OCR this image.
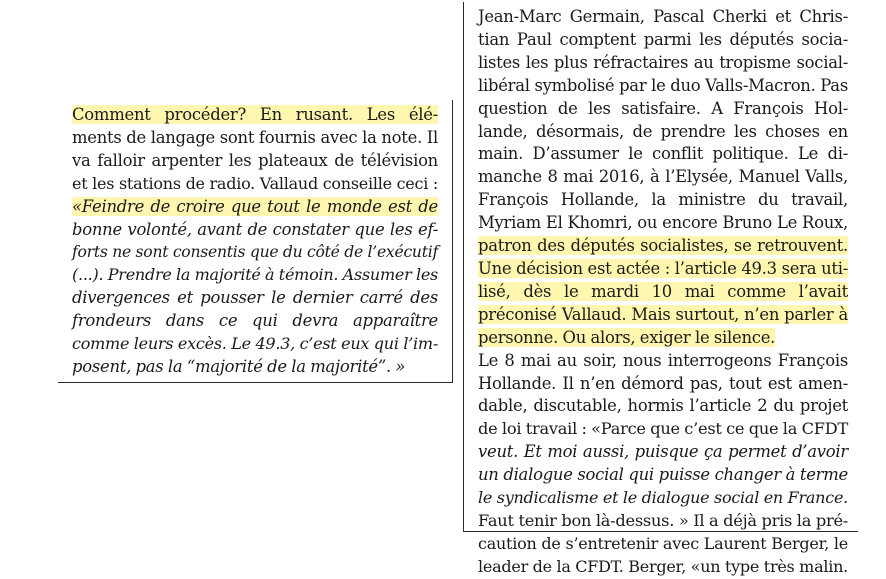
Comment procéder? En rusant. Les élé-
ments de langage sont fournis avec la note. Il
va falloir arpenter les plateaux de télévision
et les stations de radio. Vallaud conseille ceci :
«Feindre de croire que tout le monde est de
bonne volonté, avant de constater que les ef-
forts ne sont consentis que du côté de l’exécutif
(...). Prendre la majorité à témoin. Assumer les
divergences et pousser le dernier carré des
frondeurs dans ce qui devra apparaître
comme leurs excès. Le 49.3, c’est eux qui l’im-
posent, pas la “majorité de la majorité”. »
Jean-Marc Germain, Pascal Cherki et Chris-
tian Paul comptent parmi les députés socia-
listes les plus réfractaires au tropisme social-
libéral symbolisé par le duo Valls-Macron. Pas
question de les satisfaire. A François Hol-
lande, désormais, de prendre les choses en
main. D’assumer le conflit politique. Le di-
manche 8 mai 2016, à l’Elysée, Manuel Valls,
François Hollande, la ministre du travail,
Myriam El Khomri, ou encore Bruno Le Roux,
patron des députés socialistes, se retrouvent.
Une décision est actée : l’article 49.3 sera uti-
lisé, dès le mardi 10 mai comme l’avait
préconisé Vallaud. Mais surtout, n’en parler à
personne. Ou alors, exiger le silence.
Le 8 mai au soir, nous interrogeons François
Hollande. Il n’en démord pas, tout est amen-
dable, discutable, hormis l’article 2 du projet
de loi travail : «Parce que c’est ce que la CFDT
veut. Et moi aussi, puisque ça permet d’avoir
un dialogue social qui puisse changer à terme
le syndicalisme et le dialogue social en France.
Faut tenir bon là-dessus. » Il a déjà pris la pré-
caution de s’entretenir avec Laurent Berger, le
leader de la CFDT. Berger, «un type très malin.
